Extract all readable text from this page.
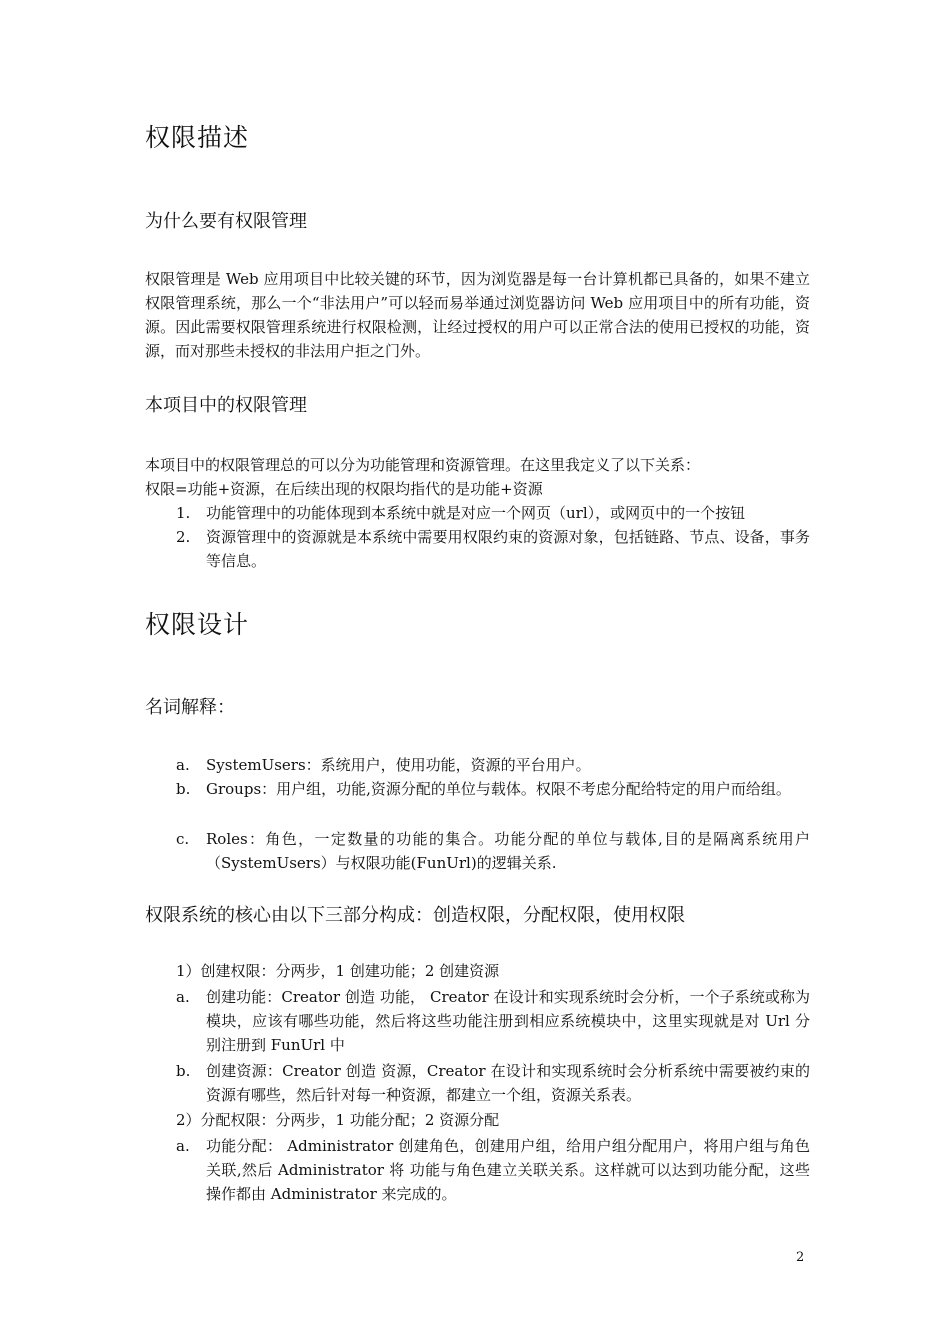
权限描述
为什么要有权限管理

权限管理是 Web 应用项目中比较关键的环节，因为浏览器是每一台计算机都已具备的，如果不建立权限管理系统，那么一个“非法用户”可以轻而易举通过浏览器访问 Web 应用项目中的所有功能，资源。因此需要权限管理系统进行权限检测，让经过授权的用户可以正常合法的使用已授权的功能，资源，而对那些未授权的非法用户拒之门外。

本项目中的权限管理

本项目中的权限管理总的可以分为功能管理和资源管理。在这里我定义了以下关系：

权限=功能+资源，在后续出现的权限均指代的是功能+资源

1.	功能管理中的功能体现到本系统中就是对应一个网页（url），或网页中的一个按钮
2.	资源管理中的资源就是本系统中需要用权限约束的资源对象，包括链路、节点、设备，事务等信息。
权限设计
名词解释：
a.	SystemUsers：系统用户，使用功能，资源的平台用户。
b.	Groups：用户组，功能,资源分配的单位与载体。权限不考虑分配给特定的用户而给组。
c.	Roles：角色，一定数量的功能的集合。功能分配的单位与载体,目的是隔离系统用户（SystemUsers）与权限功能(FunUrl)的逻辑关系.
权限系统的核心由以下三部分构成：创造权限，分配权限，使用权限

1）创建权限：分两步，1 创建功能；2 创建资源

a.	创建功能：Creator 创造 功能， Creator 在设计和实现系统时会分析，一个子系统或称为模块，应该有哪些功能，然后将这些功能注册到相应系统模块中，这里实现就是对 Url 分别注册到 FunUrl 中
b.	创建资源：Creator 创造 资源，Creator 在设计和实现系统时会分析系统中需要被约束的资源有哪些，然后针对每一种资源，都建立一个组，资源关系表。

2）分配权限：分两步，1 功能分配；2 资源分配

a.	功能分配： Administrator 创建角色，创建用户组，给用户组分配用户，将用户组与角色关联,然后 Administrator 将 功能与角色建立关联关系。这样就可以达到功能分配，这些操作都由 Administrator 来完成的。
2
